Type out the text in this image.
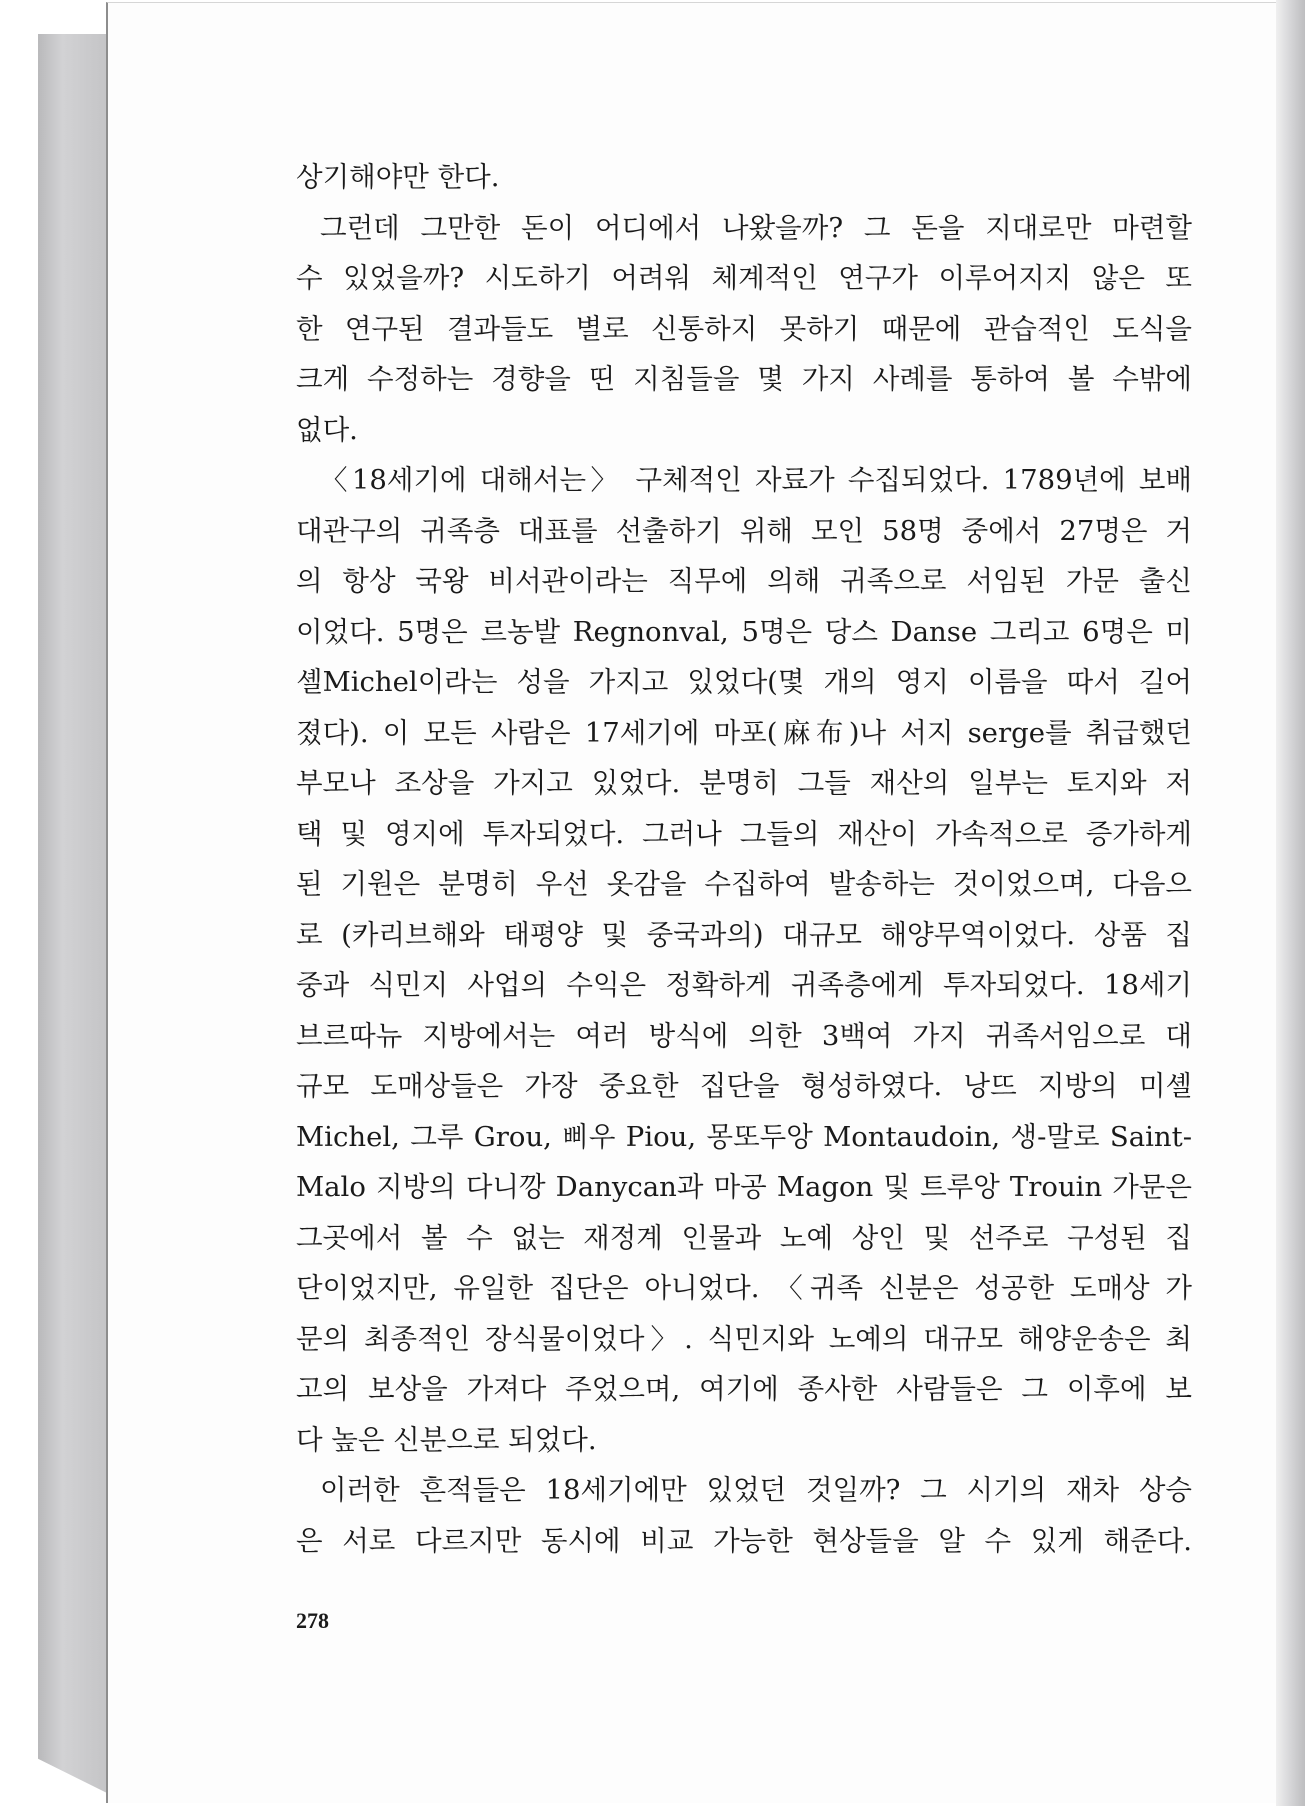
상기해야만 한다.
그런데 그만한 돈이 어디에서 나왔을까? 그 돈을 지대로만 마련할
수 있었을까? 시도하기 어려워 체계적인 연구가 이루어지지 않은 또
한 연구된 결과들도 별로 신통하지 못하기 때문에 관습적인 도식을
크게 수정하는 경향을 띤 지침들을 몇 가지 사례를 통하여 볼 수밖에
없다.
〈18세기에 대해서는〉 구체적인 자료가 수집되었다. 1789년에 보배
대관구의 귀족층 대표를 선출하기 위해 모인 58명 중에서 27명은 거
의 항상 국왕 비서관이라는 직무에 의해 귀족으로 서임된 가문 출신
이었다. 5명은 르농발 Regnonval, 5명은 당스 Danse 그리고 6명은 미
셸Michel이라는 성을 가지고 있었다(몇 개의 영지 이름을 따서 길어
졌다). 이 모든 사람은 17세기에 마포(麻布)나 서지 serge를 취급했던
부모나 조상을 가지고 있었다. 분명히 그들 재산의 일부는 토지와 저
택 및 영지에 투자되었다. 그러나 그들의 재산이 가속적으로 증가하게
된 기원은 분명히 우선 옷감을 수집하여 발송하는 것이었으며, 다음으
로 (카리브해와 태평양 및 중국과의) 대규모 해양무역이었다. 상품 집
중과 식민지 사업의 수익은 정확하게 귀족층에게 투자되었다. 18세기
브르따뉴 지방에서는 여러 방식에 의한 3백여 가지 귀족서임으로 대
규모 도매상들은 가장 중요한 집단을 형성하였다. 낭뜨 지방의 미셸
Michel, 그루 Grou, 삐우 Piou, 몽또두앙 Montaudoin, 생-말로 Saint-
Malo 지방의 다니깡 Danycan과 마공 Magon 및 트루앙 Trouin 가문은
그곳에서 볼 수 없는 재정계 인물과 노예 상인 및 선주로 구성된 집
단이었지만, 유일한 집단은 아니었다. 〈귀족 신분은 성공한 도매상 가
문의 최종적인 장식물이었다〉. 식민지와 노예의 대규모 해양운송은 최
고의 보상을 가져다 주었으며, 여기에 종사한 사람들은 그 이후에 보
다 높은 신분으로 되었다.
이러한 흔적들은 18세기에만 있었던 것일까? 그 시기의 재차 상승
은 서로 다르지만 동시에 비교 가능한 현상들을 알 수 있게 해준다.
278
